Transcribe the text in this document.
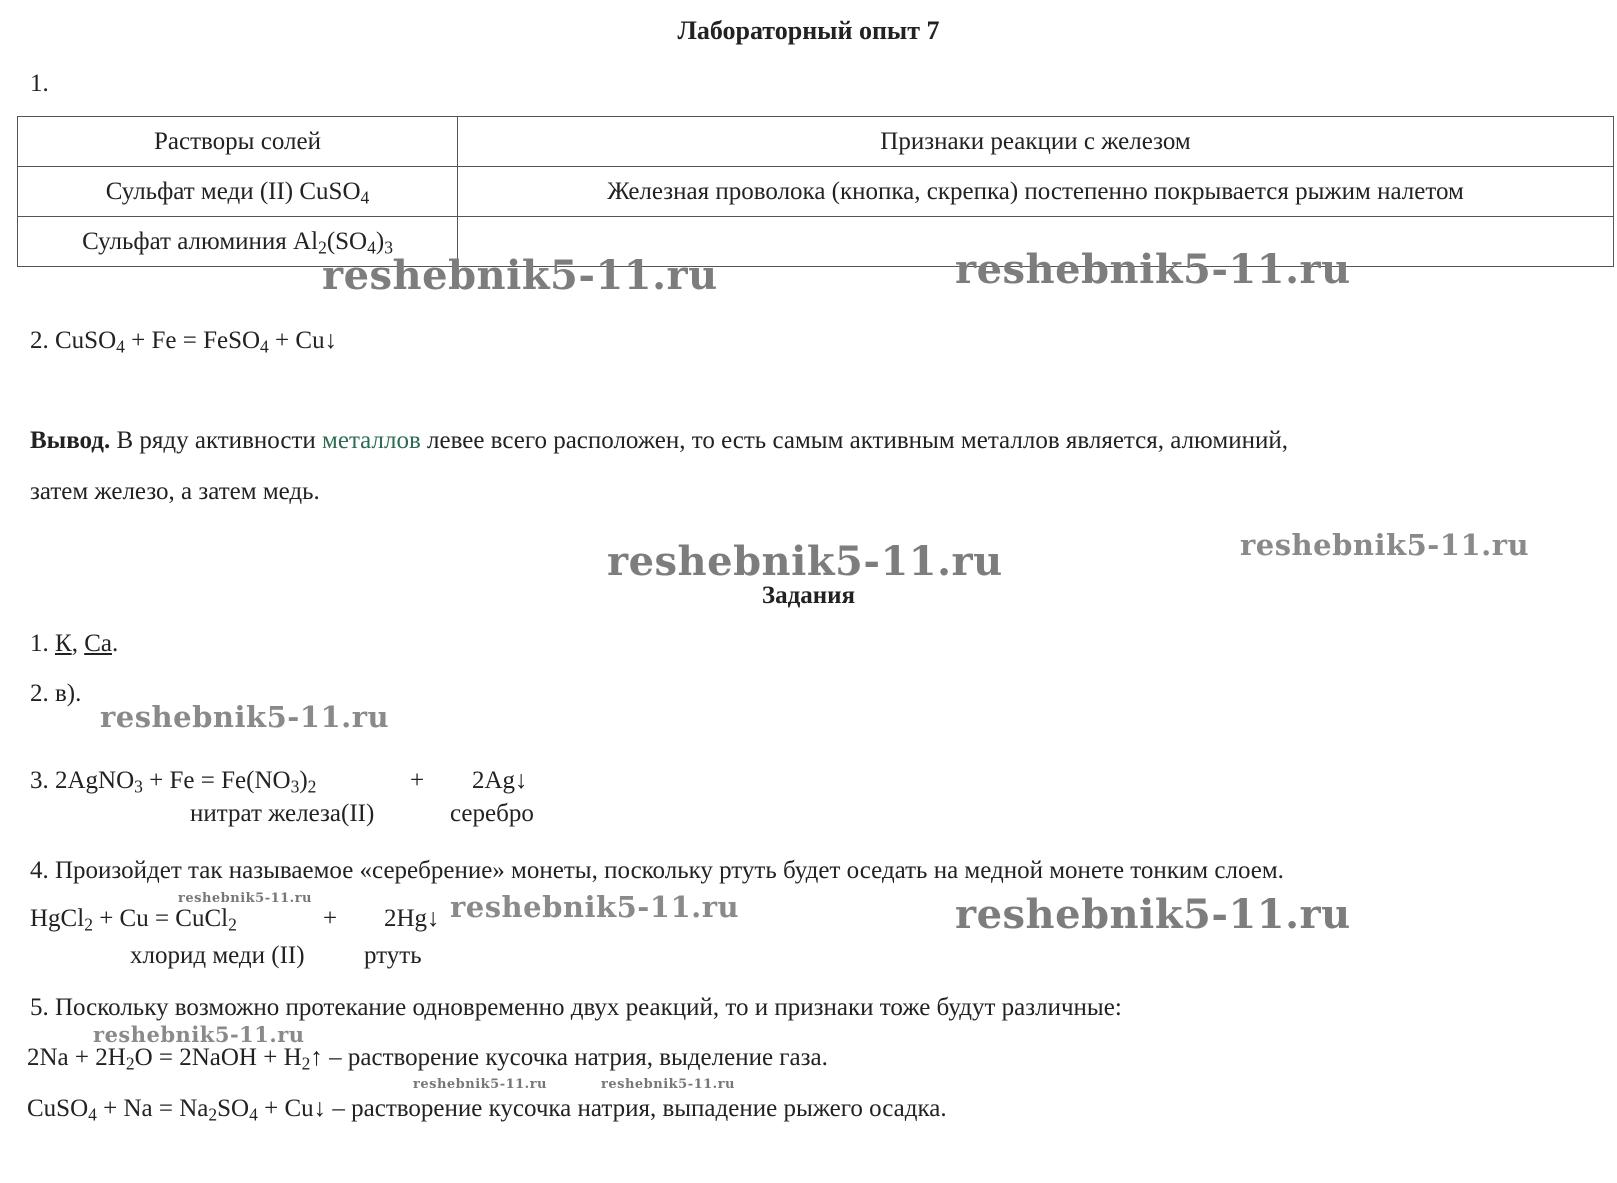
Лабораторный опыт 7
1.
Растворы солей	Признаки реакции с железом
Сульфат меди (II) CuSO$_4$	Железная проволока (кнопка, скрепка) постепенно покрывается рыжим налетом
Сульфат алюминия $Al_2(SO_4)_3$	
2. CuSO$_4$ + Fe = FeSO$_4$ + Cu↓
Вывод. В ряду активности металлов левее всего расположен, то есть самым активным металлов является, алюминий,
затем железо, а затем медь.
Задания
1. К, Са.
2. в).
3. 2AgNO$_3$ + $Fe = Fe(NO_3)_2$	+ 2Ag↓
нитрат железа(II)	серебро
4. Произойдет так называемое «серебрение» монеты, поскольку ртуть будет оседать на медной монете тонким слоем.
HgCl$_2$ + Cu = CuCl$_2$	+ 2Hg↓
хлорид меди (II) ртуть
5. Поскольку возможно протекание одновременно двух реакций, то и признаки тоже будут различные:
$2Na + 2H_2O$ = 2NaOH + $H_2↑$ – растворение кусочка натрия, выделение газа.
CuSO$_4$ + $Na = Na_2SO_4$ + Cu↓ – растворение кусочка натрия, выпадение рыжего осадка.
reshebnik5-11.ru	reshebnik5-11.ru
reshebnik5-11.ru	reshebnik5-11.ru
reshebnik5-11.ru
reshebnik5-11.ru	reshebnik5-11.ru	reshebnik5-11.ru
reshebnik5-11.ru
reshebnik5-11.ru	reshebnik5-11.ru
